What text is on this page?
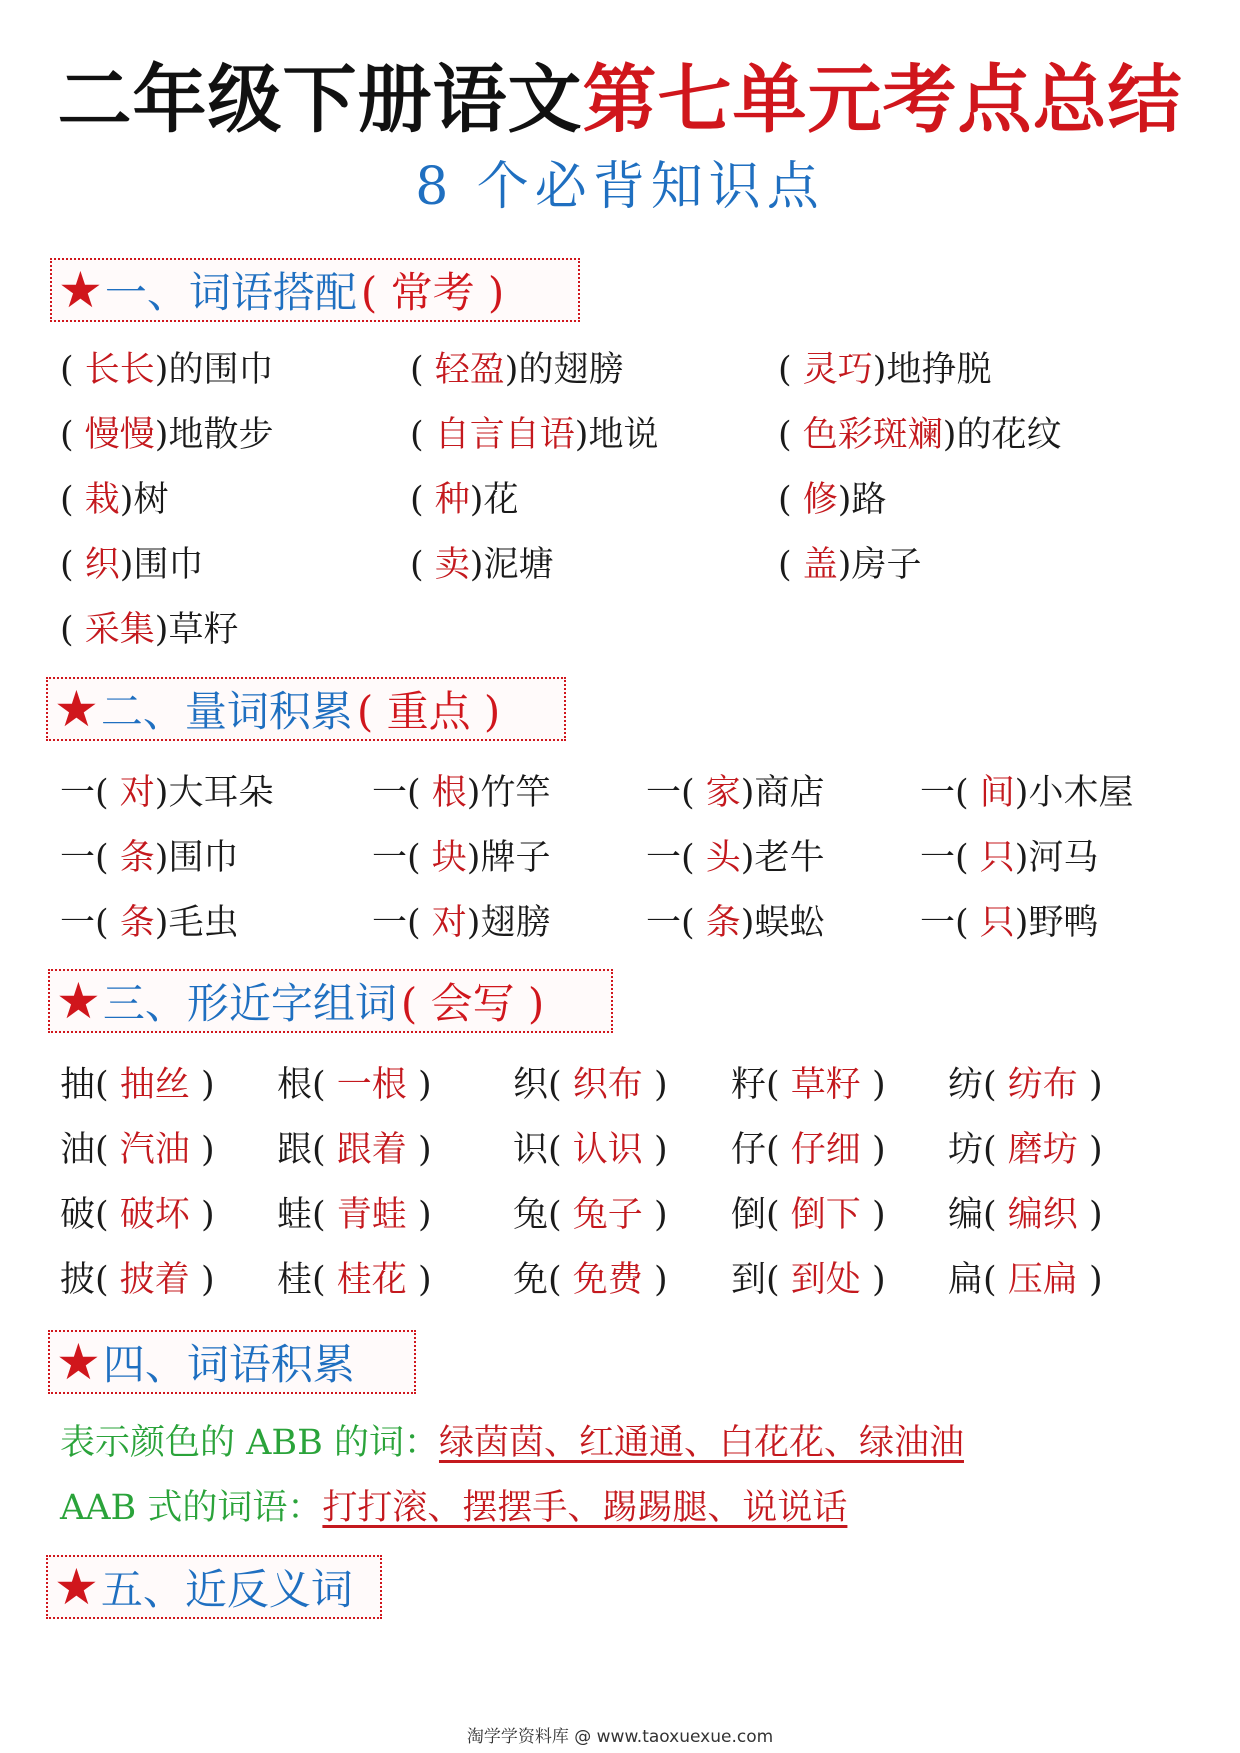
二年级下册语文第七单元考点总结
8 个必背知识点
★ 一、词语搭配 ( 常考 )
( 长长)的围巾	( 轻盈)的翅膀	( 灵巧)地挣脱
( 慢慢)地散步	( 自言自语)地说	( 色彩斑斓)的花纹
( 栽)树	( 种)花	( 修)路
( 织)围巾	( 卖)泥塘	( 盖)房子
( 采集)草籽
★ 二、量词积累 ( 重点 )
一( 对)大耳朵	一( 根)竹竿	一( 家)商店	一( 间)小木屋
一( 条)围巾	一( 块)牌子	一( 头)老牛	一( 只)河马
一( 条)毛虫	一( 对)翅膀	一( 条)蜈蚣	一( 只)野鸭
★ 三、形近字组词 ( 会写 )
抽( 抽丝 ) 根( 一根 ) 织( 织布 ) 籽( 草籽 ) 纺( 纺布 )
油( 汽油 ) 跟( 跟着 ) 识( 认识 ) 仔( 仔细 ) 坊( 磨坊 )
破( 破坏 ) 蛙( 青蛙 ) 兔( 兔子 ) 倒( 倒下 ) 编( 编织 )
披( 披着 ) 桂( 桂花 ) 免( 免费 ) 到( 到处 ) 扁( 压扁 )
★ 四、词语积累
表示颜色的 ABB 的词：绿茵茵、红通通、白花花、绿油油
AAB 式的词语：打打滚、摆摆手、踢踢腿、说说话
★ 五、近反义词
淘学学资料库 @ www.taoxuexue.com
